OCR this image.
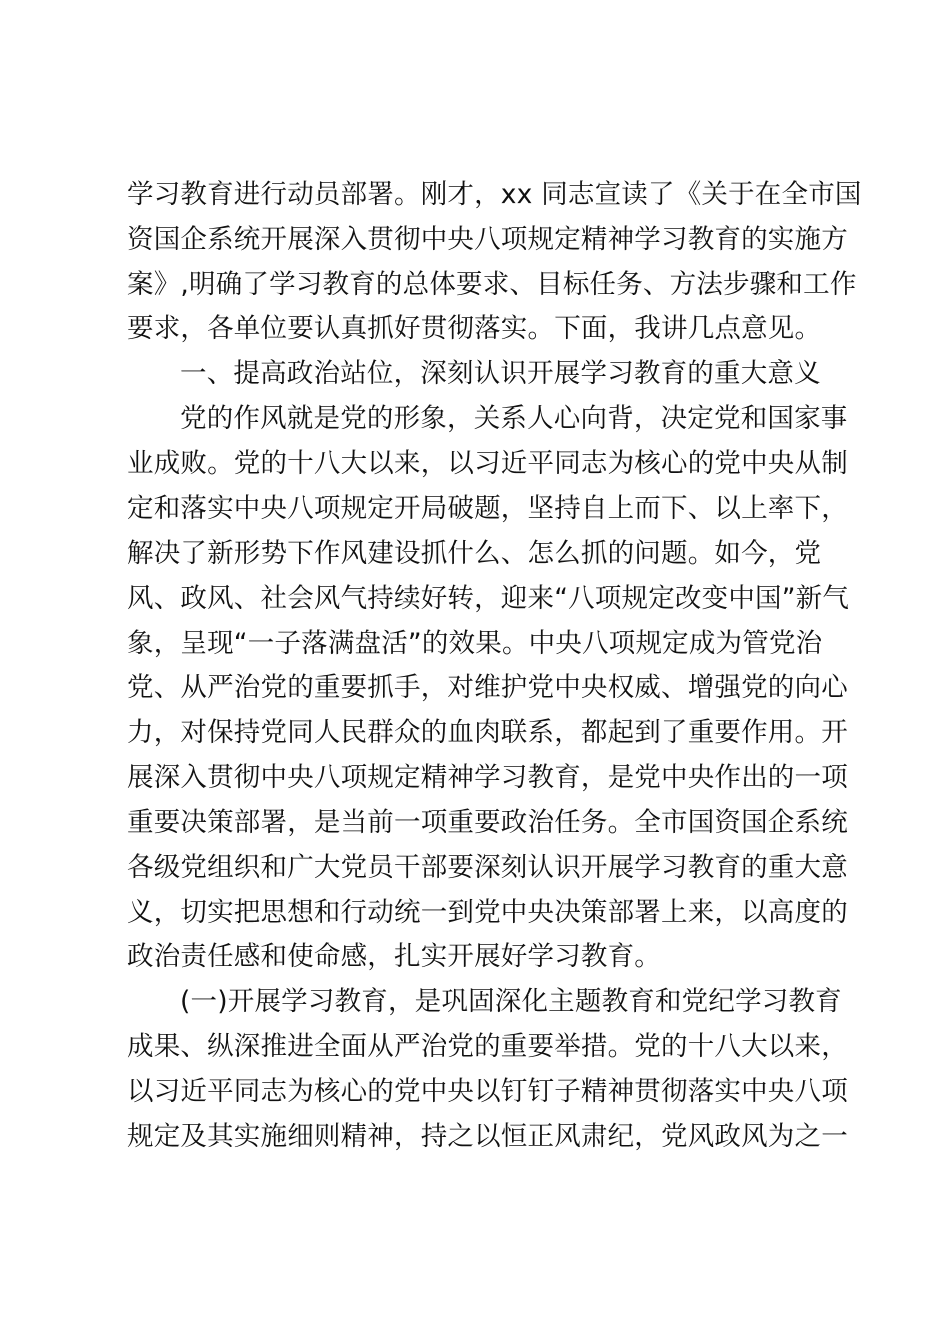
学习教育进行动员部署。刚才，xx 同志宣读了《关于在全市国
资国企系统开展深入贯彻中央八项规定精神学习教育的实施方
案》,明确了学习教育的总体要求、目标任务、方法步骤和工作
要求，各单位要认真抓好贯彻落实。下面，我讲几点意见。
一、提高政治站位，深刻认识开展学习教育的重大意义
党的作风就是党的形象，关系人心向背，决定党和国家事
业成败。党的十八大以来，以习近平同志为核心的党中央从制
定和落实中央八项规定开局破题，坚持自上而下、以上率下，
解决了新形势下作风建设抓什么、怎么抓的问题。如今，党
风、政风、社会风气持续好转，迎来“八项规定改变中国”新气
象，呈现“一子落满盘活”的效果。中央八项规定成为管党治
党、从严治党的重要抓手，对维护党中央权威、增强党的向心
力，对保持党同人民群众的血肉联系，都起到了重要作用。开
展深入贯彻中央八项规定精神学习教育，是党中央作出的一项
重要决策部署，是当前一项重要政治任务。全市国资国企系统
各级党组织和广大党员干部要深刻认识开展学习教育的重大意
义，切实把思想和行动统一到党中央决策部署上来，以高度的
政治责任感和使命感，扎实开展好学习教育。
(一)开展学习教育，是巩固深化主题教育和党纪学习教育
成果、纵深推进全面从严治党的重要举措。党的十八大以来，
以习近平同志为核心的党中央以钉钉子精神贯彻落实中央八项
规定及其实施细则精神，持之以恒正风肃纪，党风政风为之一
